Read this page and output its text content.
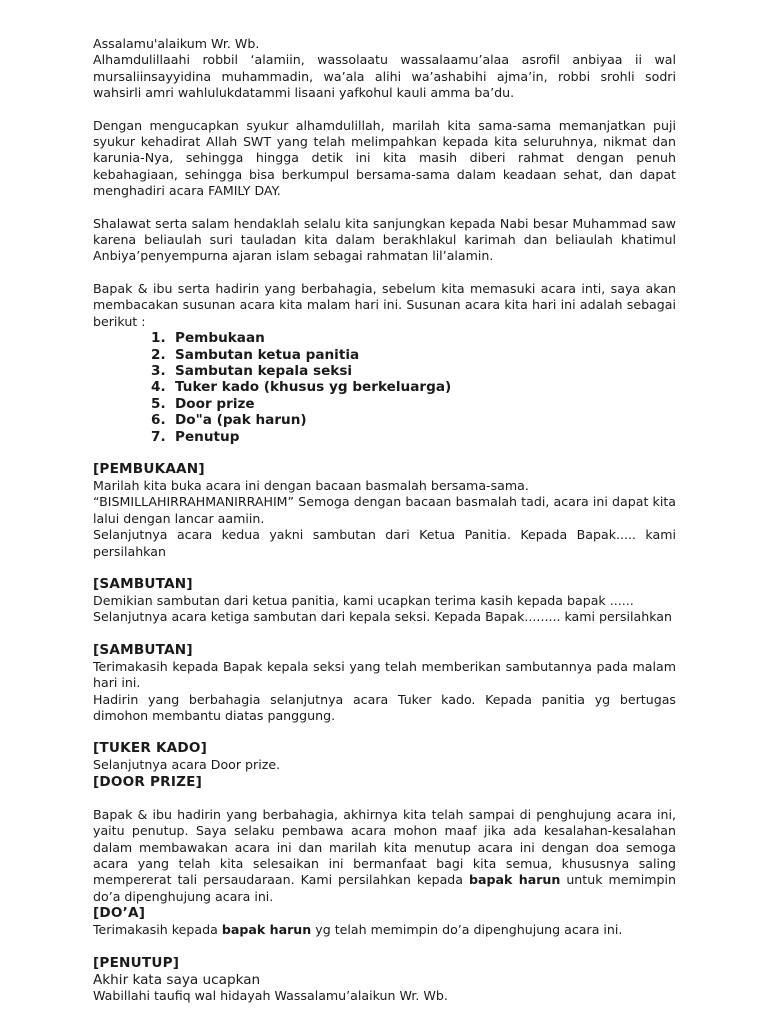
Assalamu'alaikum Wr. Wb.

Alhamdulillaahi robbil ‘alamiin, wassolaatu wassalaamu’alaa asrofil anbiyaa ii wal mursaliinsayyidina muhammadin, wa’ala alihi wa’ashabihi ajma’in, robbi srohli sodri wahsirli amri wahlulukdatammi lisaani yafkohul kauli amma ba’du.

Dengan mengucapkan syukur alhamdulillah, marilah kita sama-sama memanjatkan puji syukur kehadirat Allah SWT yang telah melimpahkan kepada kita seluruhnya, nikmat dan karunia-Nya, sehingga hingga detik ini kita masih diberi rahmat dengan penuh kebahagiaan, sehingga bisa berkumpul bersama-sama dalam keadaan sehat, dan dapat menghadiri acara FAMILY DAY.

Shalawat serta salam hendaklah selalu kita sanjungkan kepada Nabi besar Muhammad saw karena beliaulah suri tauladan kita dalam berakhlakul karimah dan beliaulah khatimul Anbiya’penyempurna ajaran islam sebagai rahmatan lil’alamin.

Bapak & ibu serta hadirin yang berbahagia, sebelum kita memasuki acara inti, saya akan membacakan susunan acara kita malam hari ini. Susunan acara kita hari ini adalah sebagai berikut :

1. Pembukaan
2. Sambutan ketua panitia
3. Sambutan kepala seksi
4. Tuker kado (khusus yg berkeluarga)
5. Door prize
6. Do"a (pak harun)
7. Penutup

[PEMBUKAAN]

Marilah kita buka acara ini dengan bacaan basmalah bersama-sama.

“BISMILLAHIRRAHMANIRRAHIM” Semoga dengan bacaan basmalah tadi, acara ini dapat kita lalui dengan lancar aamiin.

Selanjutnya acara kedua yakni sambutan dari Ketua Panitia. Kepada Bapak..... kami persilahkan

[SAMBUTAN]

Demikian sambutan dari ketua panitia, kami ucapkan terima kasih kepada bapak ......

Selanjutnya acara ketiga sambutan dari kepala seksi. Kepada Bapak......... kami persilahkan

[SAMBUTAN]

Terimakasih kepada Bapak kepala seksi yang telah memberikan sambutannya pada malam hari ini.

Hadirin yang berbahagia selanjutnya acara Tuker kado. Kepada panitia yg bertugas dimohon membantu diatas panggung.

[TUKER KADO]

Selanjutnya acara Door prize.

[DOOR PRIZE]

Bapak & ibu hadirin yang berbahagia, akhirnya kita telah sampai di penghujung acara ini, yaitu penutup. Saya selaku pembawa acara mohon maaf jika ada kesalahan-kesalahan dalam membawakan acara ini dan marilah kita menutup acara ini dengan doa semoga acara yang telah kita selesaikan ini bermanfaat bagi kita semua, khususnya saling mempererat tali persaudaraan. Kami persilahkan kepada bapak harun untuk memimpin do’a dipenghujung acara ini.

[DO’A]

Terimakasih kepada bapak harun yg telah memimpin do’a dipenghujung acara ini.

[PENUTUP]

Akhir kata saya ucapkan

Wabillahi taufiq wal hidayah Wassalamu’alaikun Wr. Wb.
